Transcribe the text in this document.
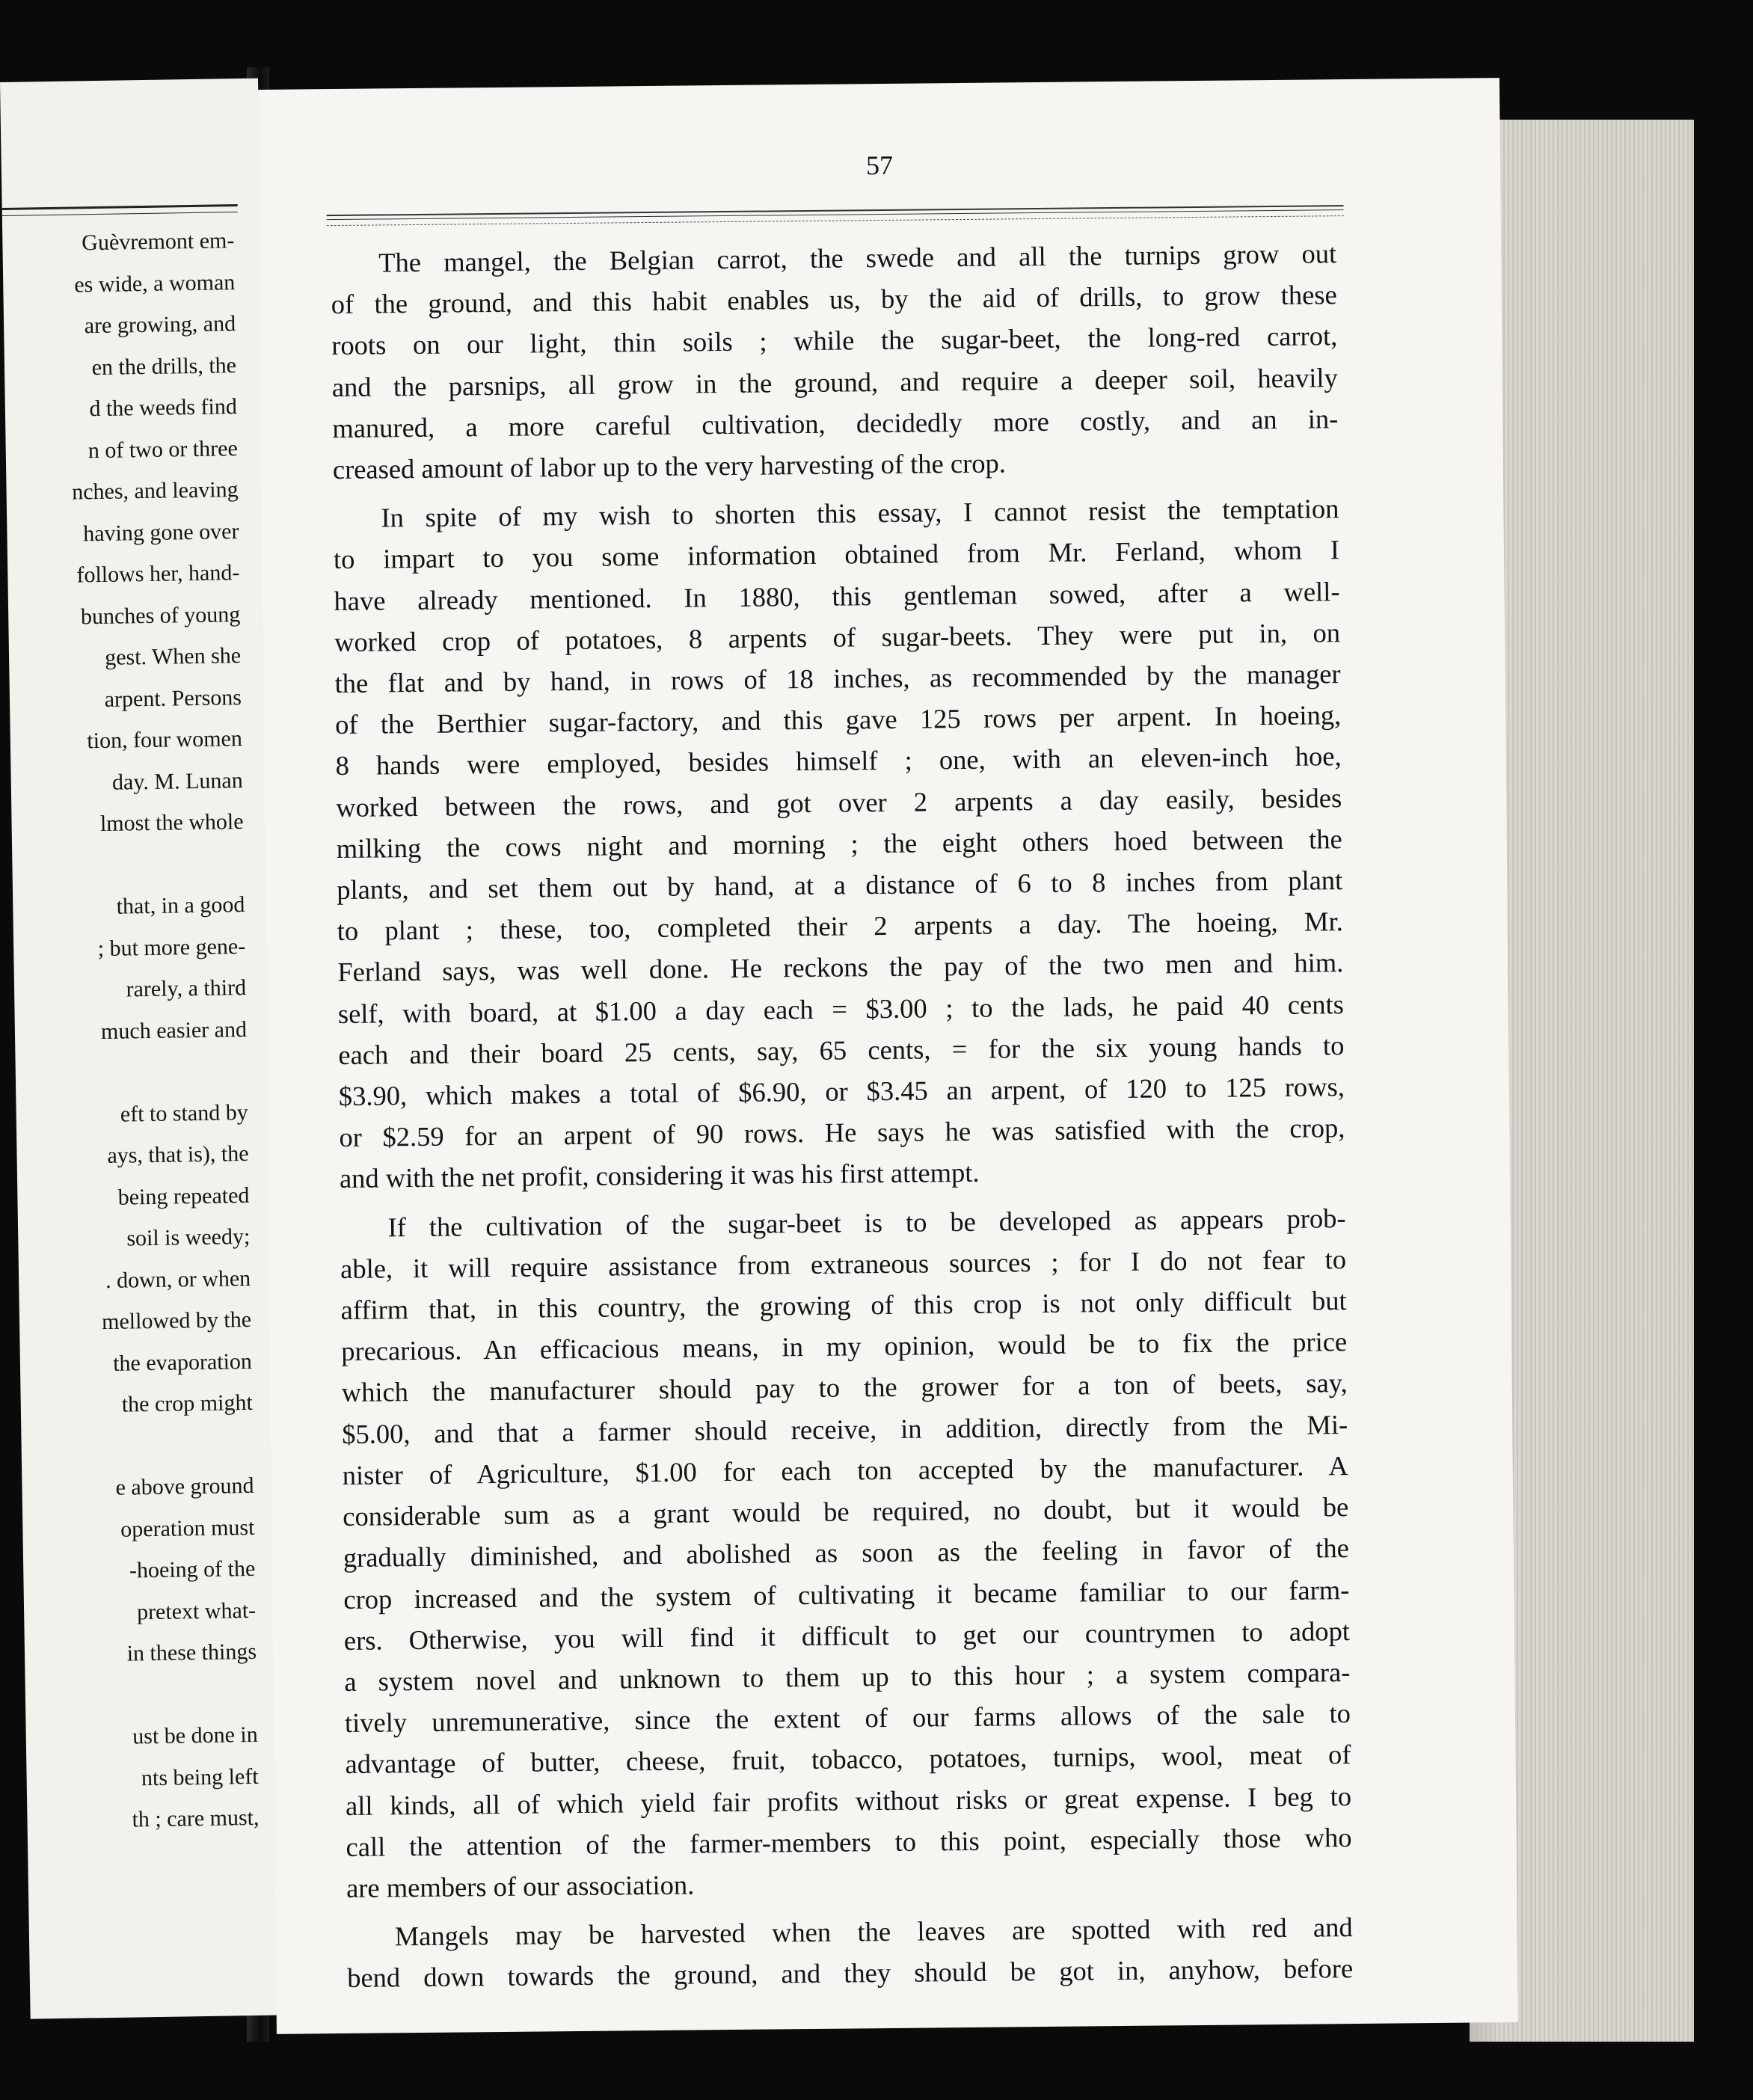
Guèvremont em-
es wide, a woman
are growing, and
en the drills, the
d the weeds find
n of two or three
nches, and leaving
having gone over
follows her, hand-
bunches of young
gest. When she
arpent. Persons
tion, four women
day. M. Lunan
lmost the whole
that, in a good
; but more gene-
rarely, a third
much easier and
eft to stand by
ays, that is), the
being repeated
soil is weedy;
. down, or when
mellowed by the
the evaporation
the crop might
e above ground
operation must
-hoeing of the
pretext what-
in these things
ust be done in
nts being left
th ; care must,
57
The mangel, the Belgian carrot, the swede and all the turnips grow out
of the ground, and this habit enables us, by the aid of drills, to grow these
roots on our light, thin soils ; while the sugar-beet, the long-red carrot,
and the parsnips, all grow in the ground, and require a deeper soil, heavily
manured, a more careful cultivation, decidedly more costly, and an in-
creased amount of labor up to the very harvesting of the crop.
In spite of my wish to shorten this essay, I cannot resist the temptation
to impart to you some information obtained from Mr. Ferland, whom I
have already mentioned. In 1880, this gentleman sowed, after a well-
worked crop of potatoes, 8 arpents of sugar-beets. They were put in, on
the flat and by hand, in rows of 18 inches, as recommended by the manager
of the Berthier sugar-factory, and this gave 125 rows per arpent. In hoeing,
8 hands were employed, besides himself ; one, with an eleven-inch hoe,
worked between the rows, and got over 2 arpents a day easily, besides
milking the cows night and morning ; the eight others hoed between the
plants, and set them out by hand, at a distance of 6 to 8 inches from plant
to plant ; these, too, completed their 2 arpents a day. The hoeing, Mr.
Ferland says, was well done. He reckons the pay of the two men and him.
self, with board, at $1.00 a day each = $3.00 ; to the lads, he paid 40 cents
each and their board 25 cents, say, 65 cents, = for the six young hands to
$3.90, which makes a total of $6.90, or $3.45 an arpent, of 120 to 125 rows,
or $2.59 for an arpent of 90 rows. He says he was satisfied with the crop,
and with the net profit, considering it was his first attempt.
If the cultivation of the sugar-beet is to be developed as appears prob-
able, it will require assistance from extraneous sources ; for I do not fear to
affirm that, in this country, the growing of this crop is not only difficult but
precarious. An efficacious means, in my opinion, would be to fix the price
which the manufacturer should pay to the grower for a ton of beets, say,
$5.00, and that a farmer should receive, in addition, directly from the Mi-
nister of Agriculture, $1.00 for each ton accepted by the manufacturer. A
considerable sum as a grant would be required, no doubt, but it would be
gradually diminished, and abolished as soon as the feeling in favor of the
crop increased and the system of cultivating it became familiar to our farm-
ers. Otherwise, you will find it difficult to get our countrymen to adopt
a system novel and unknown to them up to this hour ; a system compara-
tively unremunerative, since the extent of our farms allows of the sale to
advantage of butter, cheese, fruit, tobacco, potatoes, turnips, wool, meat of
all kinds, all of which yield fair profits without risks or great expense. I beg to
call the attention of the farmer-members to this point, especially those who
are members of our association.
Mangels may be harvested when the leaves are spotted with red and
bend down towards the ground, and they should be got in, anyhow, before
